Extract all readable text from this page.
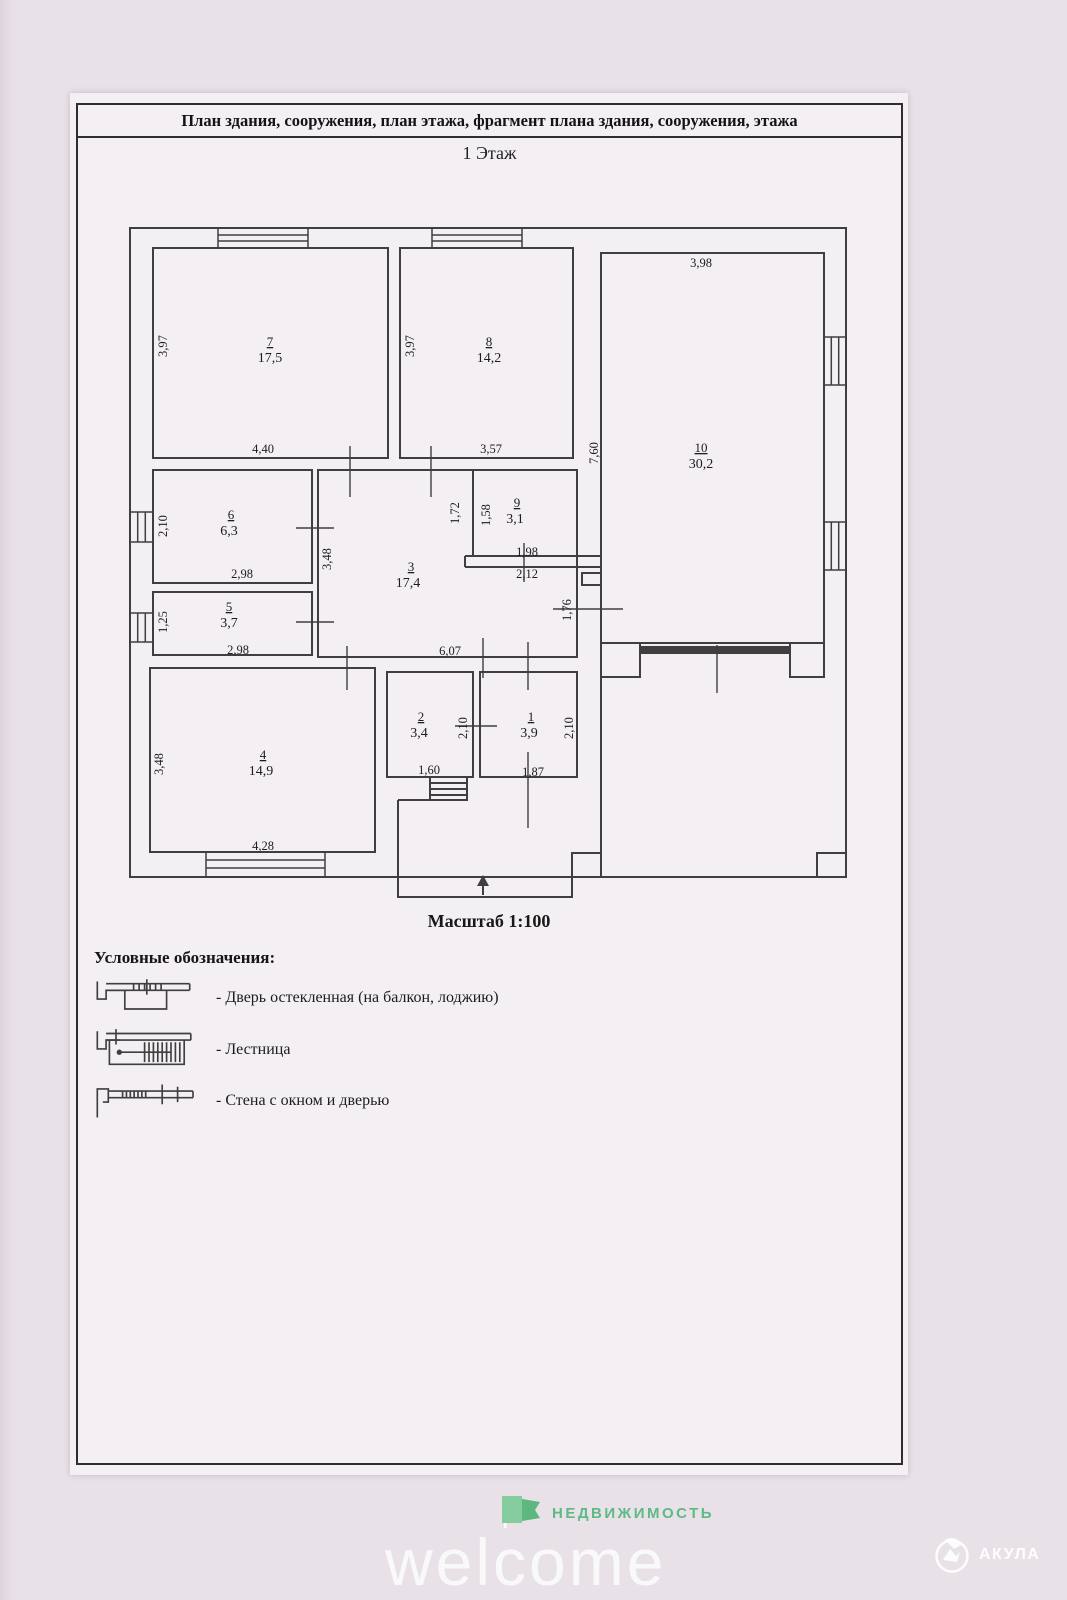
План здания, сооружения, план этажа, фрагмент плана здания, сооружения, этажа
1 Этаж
7
17,5
8
14,2
10
30,2
6
6,3
5
3,7
3
17,4
9
3,1
4
14,9
2
3,4
1
3,9
3,98
4,40	3,57
2,98
2,98
1,98
2,12
6,07
4,28
1,60	1,87
3,97	3,97
7,60
2,10
1,25
3,48
1,72 1,58
1,76
3,48
2,10	2,10
Масштаб 1:100
Условные обозначения:
- Дверь остекленная (на балкон, лоджию)
- Лестница
- Стена с окном и дверью
НЕДВИЖИМОСТЬ
welcome	АКУЛА
